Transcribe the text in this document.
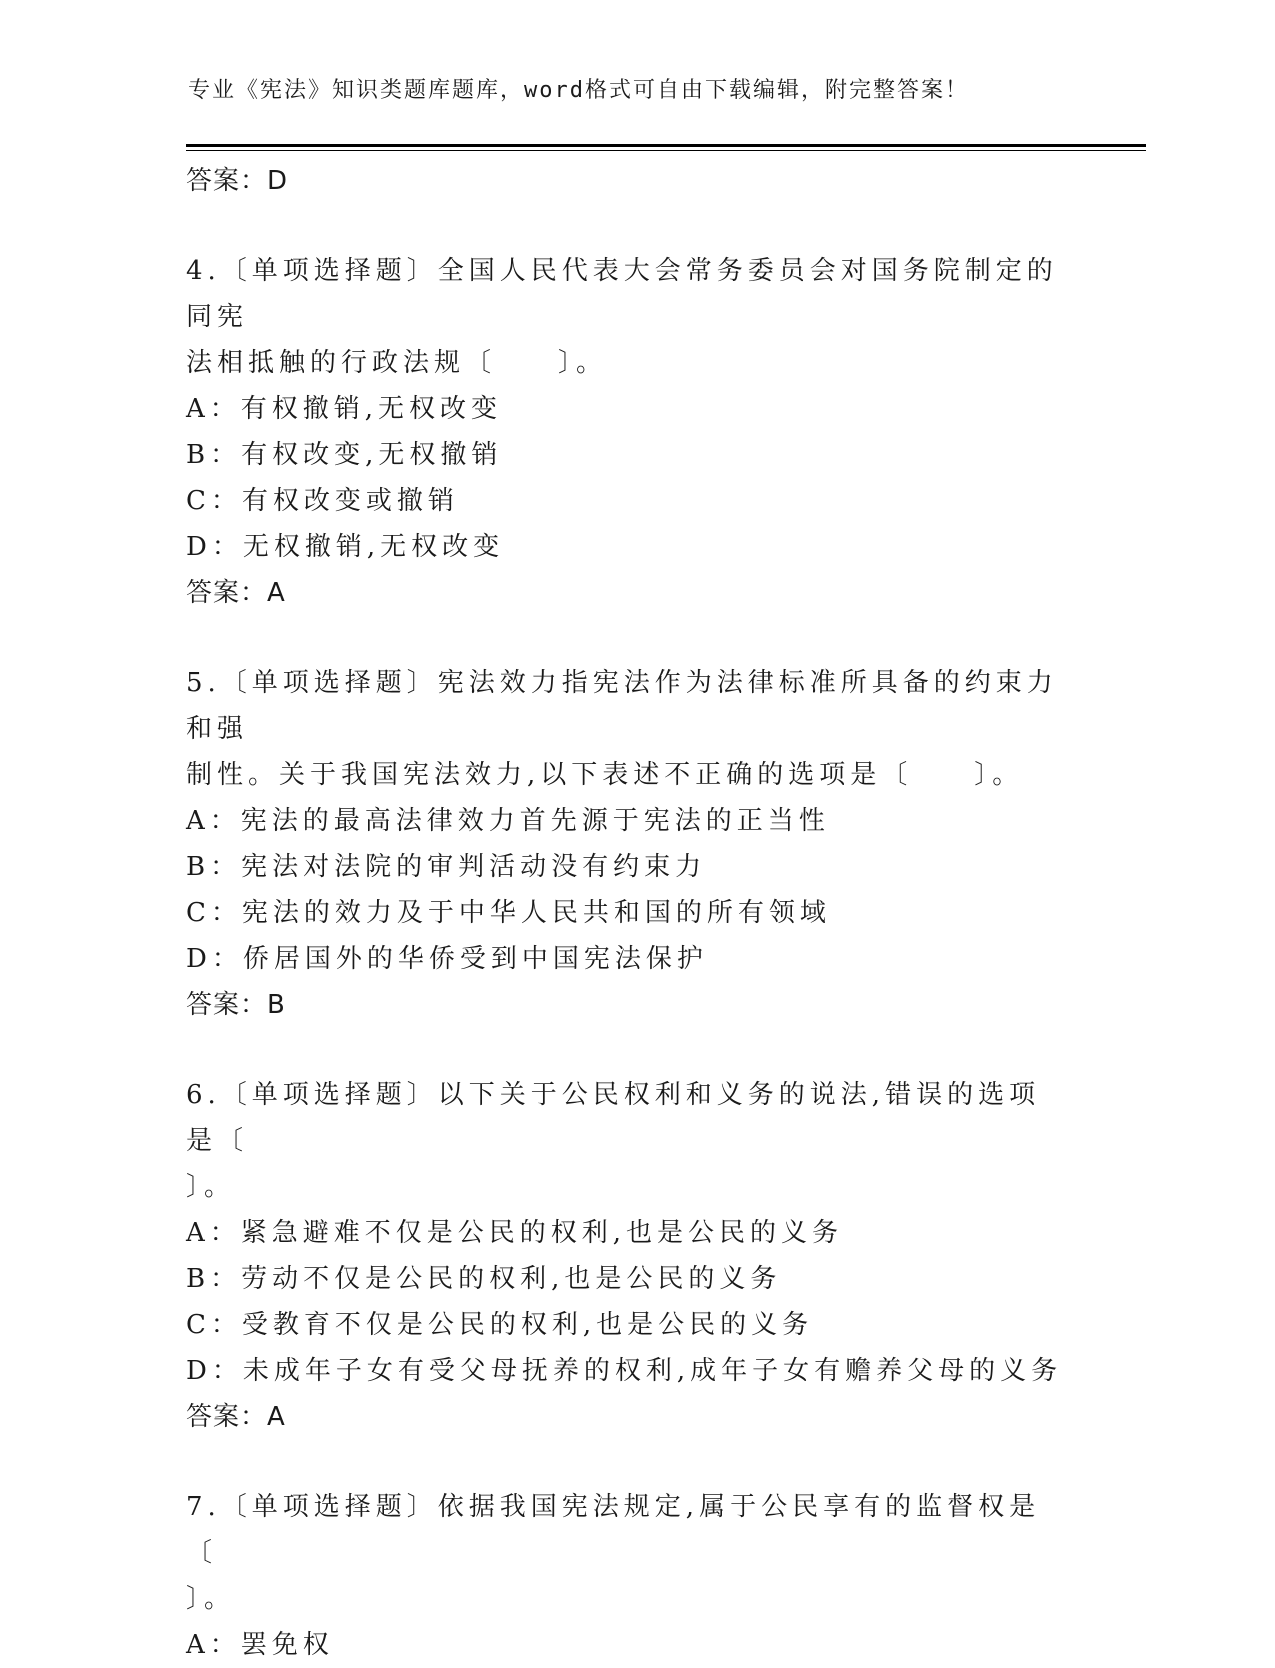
专业《宪法》知识类题库题库，word格式可自由下载编辑，附完整答案！
答案：D
4.〔单项选择题〕全国人民代表大会常务委员会对国务院制定的同宪
法相抵触的行政法规〔　　〕。
A：有权撤销,无权改变
B：有权改变,无权撤销
C：有权改变或撤销
D：无权撤销,无权改变
答案：A
5.〔单项选择题〕宪法效力指宪法作为法律标准所具备的约束力和强
制性。关于我国宪法效力,以下表述不正确的选项是〔　　〕。
A：宪法的最高法律效力首先源于宪法的正当性
B：宪法对法院的审判活动没有约束力
C：宪法的效力及于中华人民共和国的所有领域
D：侨居国外的华侨受到中国宪法保护
答案：B
6.〔单项选择题〕以下关于公民权利和义务的说法,错误的选项是〔
〕。
A：紧急避难不仅是公民的权利,也是公民的义务
B：劳动不仅是公民的权利,也是公民的义务
C：受教育不仅是公民的权利,也是公民的义务
D：未成年子女有受父母抚养的权利,成年子女有赡养父母的义务
答案：A
7.〔单项选择题〕依据我国宪法规定,属于公民享有的监督权是〔
〕。
A：罢免权
